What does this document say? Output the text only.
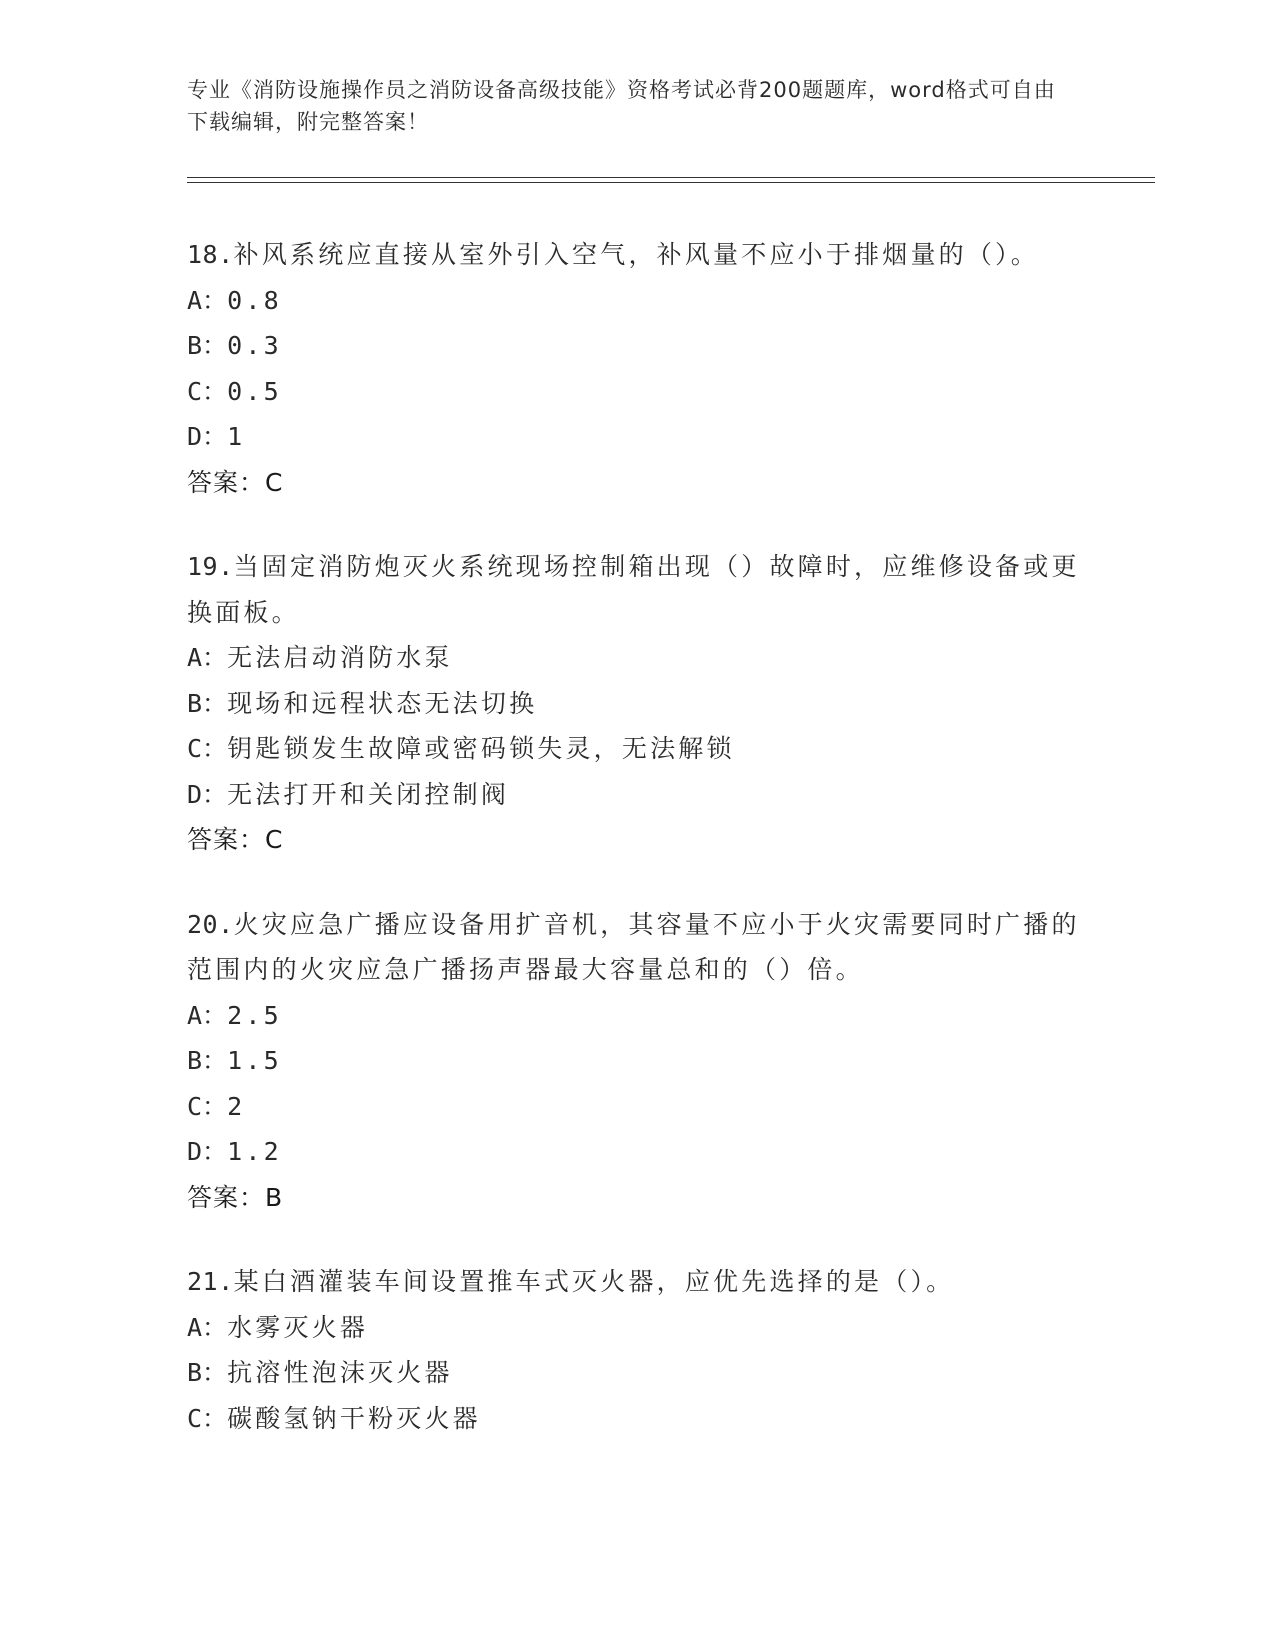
专业《消防设施操作员之消防设备高级技能》资格考试必背200题题库，word格式可自由下载编辑，附完整答案！
18.补风系统应直接从室外引入空气，补风量不应小于排烟量的（）。
A：0.8
B：0.3
C：0.5
D：1
答案：C
19.当固定消防炮灭火系统现场控制箱出现（）故障时，应维修设备或更换面板。
A：无法启动消防水泵
B：现场和远程状态无法切换
C：钥匙锁发生故障或密码锁失灵，无法解锁
D：无法打开和关闭控制阀
答案：C
20.火灾应急广播应设备用扩音机，其容量不应小于火灾需要同时广播的范围内的火灾应急广播扬声器最大容量总和的（）倍。
A：2.5
B：1.5
C：2
D：1.2
答案：B
21.某白酒灌装车间设置推车式灭火器，应优先选择的是（）。
A：水雾灭火器
B：抗溶性泡沫灭火器
C：碳酸氢钠干粉灭火器
